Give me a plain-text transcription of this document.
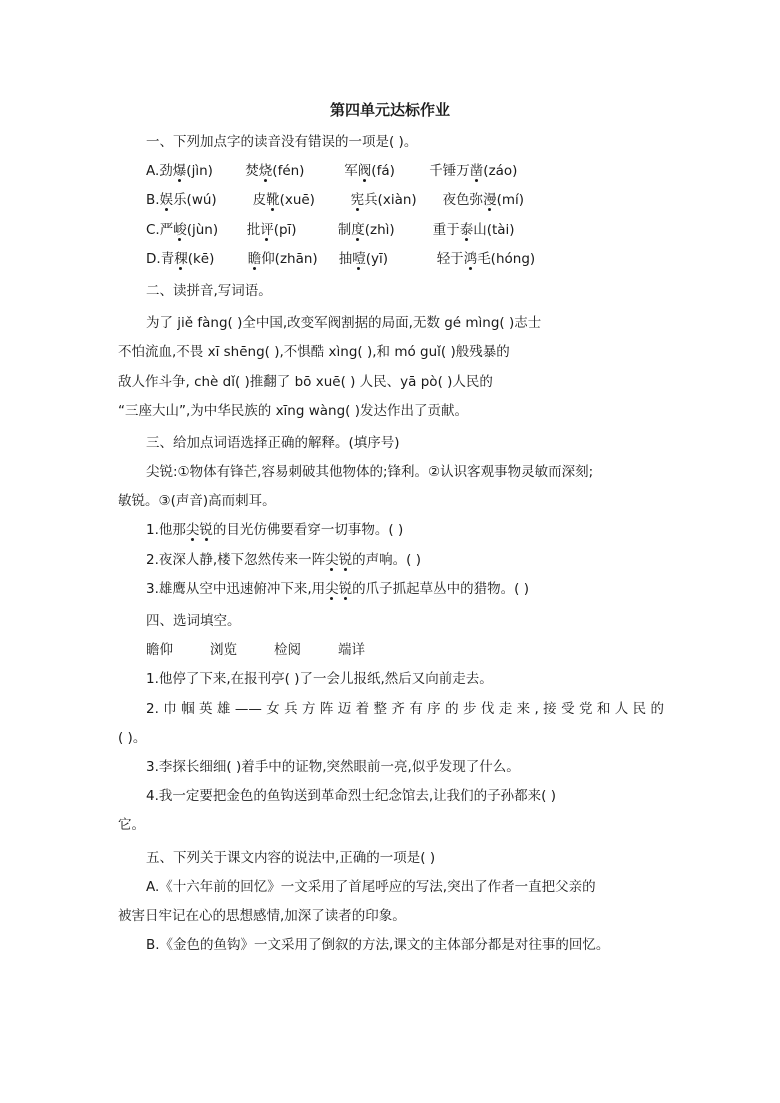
第四单元达标作业
一、下列加点字的读音没有错误的一项是( )。
A.劲爆(jìn) 焚烧(fén)	军阀(fá)	千锤万凿(záo)
B.娱乐(wú)	皮靴(xuē)	宪兵(xiàn) 夜色弥漫(mí)
C.严峻(jùn) 批评(pī)	制度(zhì)	重于泰山(tài)
D.青稞(kē) 瞻仰(zhān) 抽噎(yī)	轻于鸿毛(hóng)
二、读拼音,写词语。
为了 jiě fàng( )全中国,改变军阀割据的局面,无数 gé mìng( )志士
不怕流血,不畏 xī shēng( ),不惧酷 xìng( ),和 mó guǐ( )般残暴的
敌人作斗争, chè dǐ( )推翻了 bō xuē( ) 人民、yā pò( )人民的
“三座大山”,为中华民族的 xīng wàng( )发达作出了贡献。
三、给加点词语选择正确的解释。(填序号)
尖锐:①物体有锋芒,容易刺破其他物体的;锋利。②认识客观事物灵敏而深刻;
敏锐。③(声音)高而刺耳。
1.他那尖锐的目光仿佛要看穿一切事物。( )
2.夜深人静,楼下忽然传来一阵尖锐的声响。( )
3.雄鹰从空中迅速俯冲下来,用尖锐的爪子抓起草丛中的猎物。( )
四、选词填空。
瞻仰	浏览	检阅	端详
1.他停了下来,在报刊亭( )了一会儿报纸,然后又向前走去。
2.巾帼英雄——女兵方阵迈着整齐有序的步伐走来,接受党和人民的
( )。
3.李探长细细( )着手中的证物,突然眼前一亮,似乎发现了什么。
4.我一定要把金色的鱼钩送到革命烈士纪念馆去,让我们的子孙都来( )
它。
五、下列关于课文内容的说法中,正确的一项是( )
A.《十六年前的回忆》一文采用了首尾呼应的写法,突出了作者一直把父亲的
被害日牢记在心的思想感情,加深了读者的印象。
B.《金色的鱼钩》一文采用了倒叙的方法,课文的主体部分都是对往事的回忆。
